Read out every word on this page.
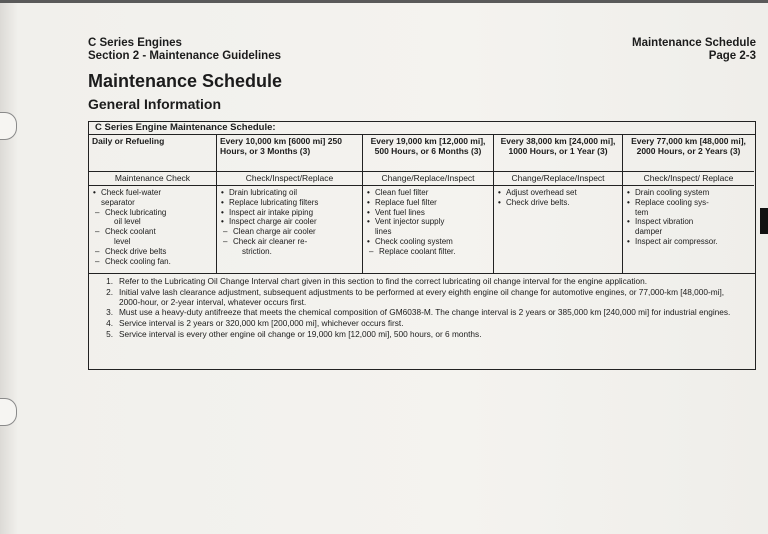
C Series Engines
Section 2 - Maintenance Guidelines
Maintenance Schedule
Page 2-3
Maintenance Schedule
General Information
C Series Engine Maintenance Schedule:
Daily or Refueling
Maintenance Check
• Check fuel-water
separator
– Check lubricating
oil level
– Check coolant
level
– Check drive belts
– Check cooling fan.
Every 10,000 km [6000 mi] 250 Hours, or 3 Months (3)
Check/Inspect/Replace
• Drain lubricating oil
• Replace lubricating filters
• Inspect air intake piping
• Inspect charge air cooler
– Clean charge air cooler
– Check air cleaner re-
striction.
Every 19,000 km [12,000 mi], 500 Hours, or 6 Months (3)
Change/Replace/Inspect
• Clean fuel filter
• Replace fuel filter
• Vent fuel lines
• Vent injector supply
lines
• Check cooling system
– Replace coolant filter.
Every 38,000 km [24,000 mi], 1000 Hours, or 1 Year (3)
Change/Replace/Inspect
• Adjust overhead set
• Check drive belts.
Every 77,000 km [48,000 mi], 2000 Hours, or 2 Years (3)
Check/Inspect/ Replace
• Drain cooling system
• Replace cooling sys-
tem
• Inspect vibration
damper
• Inspect air compressor.
1. Refer to the Lubricating Oil Change Interval chart given in this section to find the correct lubricating oil change interval for the engine application.
2. Initial valve lash clearance adjustment, subsequent adjustments to be performed at every eighth engine oil change for automotive engines, or 77,000-km [48,000-mi], 2000-hour, or 2-year interval, whatever occurs first.
3. Must use a heavy-duty antifreeze that meets the chemical composition of GM6038-M. The change interval is 2 years or 385,000 km [240,000 mi] for industrial engines.
4. Service interval is 2 years or 320,000 km [200,000 mi], whichever occurs first.
5. Service interval is every other engine oil change or 19,000 km [12,000 mi], 500 hours, or 6 months.
